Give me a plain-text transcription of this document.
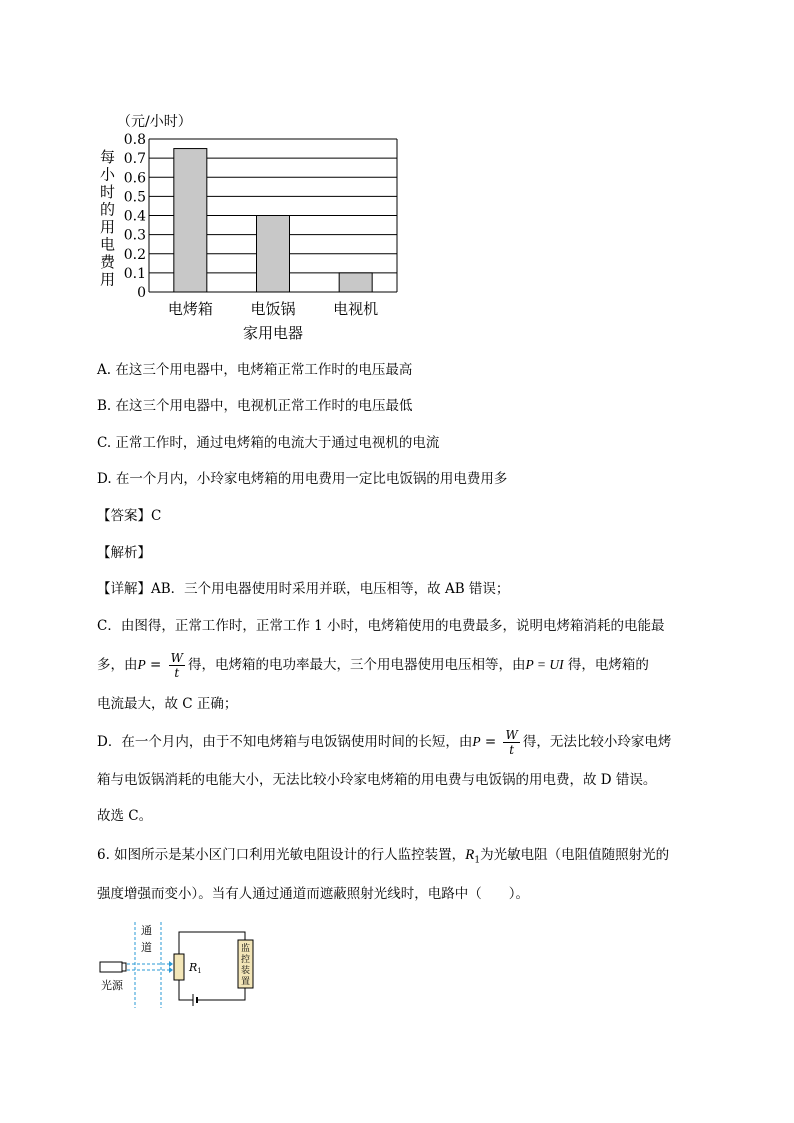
（元/小时）
0
0.1
0.2
0.3
0.4
0.5
0.6
0.7
0.8
每
小
时
的
用
电
费
用
电烤箱	电饭锅	电视机
家用电器
A. 在这三个用电器中，电烤箱正常工作时的电压最高
B. 在这三个用电器中，电视机正常工作时的电压最低
C. 正常工作时，通过电烤箱的电流大于通过电视机的电流
D. 在一个月内，小玲家电烤箱的用电费用一定比电饭锅的用电费用多
【答案】C
【解析】
【详解】AB．三个用电器使用时采用并联，电压相等，故 AB 错误；
C．由图得，正常工作时，正常工作 1 小时，电烤箱使用的电费最多，说明电烤箱消耗的电能最
多，由$P = \frac{W}{t}$ 得，电烤箱的电功率最大，三个用电器使用电压相等，由P = UI 得，电烤箱的
电流最大，故 C 正确；
D．在一个月内，由于不知电烤箱与电饭锅使用时间的长短，由$P = \frac{W}{t}$ 得，无法比较小玲家电烤
箱与电饭锅消耗的电能大小，无法比较小玲家电烤箱的用电费与电饭锅的用电费，故 D 错误。
故选 C。
6. 如图所示是某小区门口利用光敏电阻设计的行人监控装置，$R_1$为光敏电阻（电阻值随照射光的
强度增强而变小）。当有人通过通道而遮蔽照射光线时，电路中（　　）。
通
道
光源
R1
监控装置
